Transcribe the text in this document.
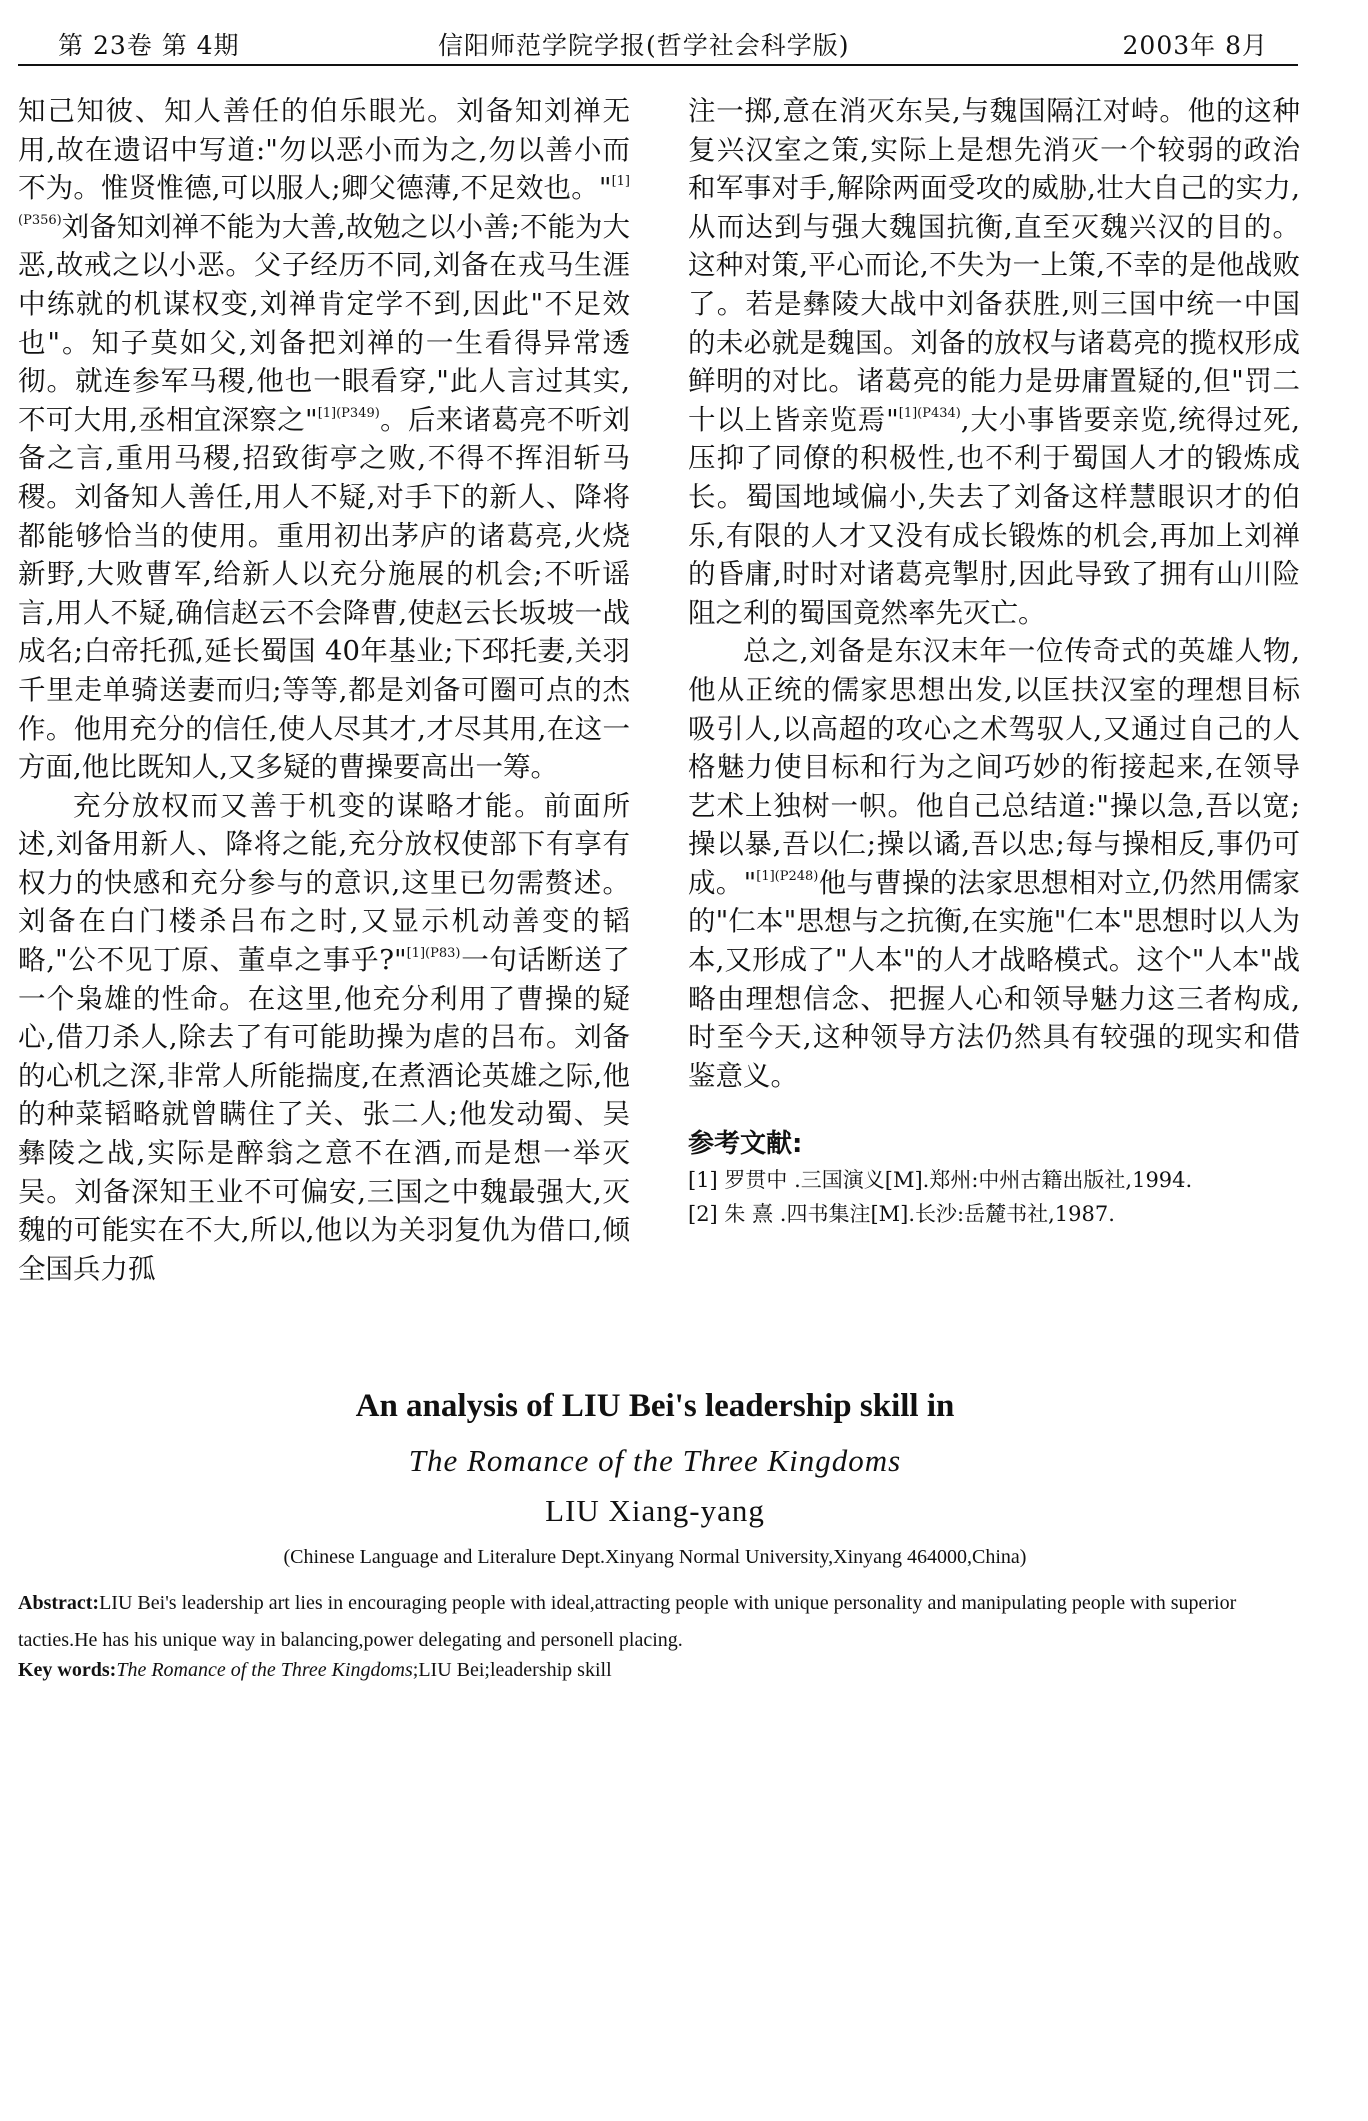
第 23卷 第 4期	信阳师范学院学报(哲学社会科学版)	2003年 8月

知己知彼、知人善任的伯乐眼光。刘备知刘禅无用,故在遗诏中写道:"勿以恶小而为之,勿以善小而不为。惟贤惟德,可以服人;卿父德薄,不足效也。"$^{[1](P356)}$刘备知刘禅不能为大善,故勉之以小善;不能为大恶,故戒之以小恶。父子经历不同,刘备在戎马生涯中练就的机谋权变,刘禅肯定学不到,因此"不足效也"。知子莫如父,刘备把刘禅的一生看得异常透彻。就连参军马稷,他也一眼看穿,"此人言过其实,不可大用,丞相宜深察之"$^{[1](P349)}$。后来诸葛亮不听刘备之言,重用马稷,招致街亭之败,不得不挥泪斩马稷。刘备知人善任,用人不疑,对手下的新人、降将都能够恰当的使用。重用初出茅庐的诸葛亮,火烧新野,大败曹军,给新人以充分施展的机会;不听谣言,用人不疑,确信赵云不会降曹,使赵云长坂坡一战成名;白帝托孤,延长蜀国 40年基业;下邳托妻,关羽千里走单骑送妻而归;等等,都是刘备可圈可点的杰作。他用充分的信任,使人尽其才,才尽其用,在这一方面,他比既知人,又多疑的曹操要高出一筹。

充分放权而又善于机变的谋略才能。前面所述,刘备用新人、降将之能,充分放权使部下有享有权力的快感和充分参与的意识,这里已勿需赘述。刘备在白门楼杀吕布之时,又显示机动善变的韬略,"公不见丁原、董卓之事乎?"$^{[1](P83)}$一句话断送了一个枭雄的性命。在这里,他充分利用了曹操的疑心,借刀杀人,除去了有可能助操为虐的吕布。刘备的心机之深,非常人所能揣度,在煮酒论英雄之际,他的种菜韬略就曾瞒住了关、张二人;他发动蜀、吴彝陵之战,实际是醉翁之意不在酒,而是想一举灭吴。刘备深知王业不可偏安,三国之中魏最强大,灭魏的可能实在不大,所以,他以为关羽复仇为借口,倾全国兵力孤

注一掷,意在消灭东吴,与魏国隔江对峙。他的这种复兴汉室之策,实际上是想先消灭一个较弱的政治和军事对手,解除两面受攻的威胁,壮大自己的实力,从而达到与强大魏国抗衡,直至灭魏兴汉的目的。这种对策,平心而论,不失为一上策,不幸的是他战败了。若是彝陵大战中刘备获胜,则三国中统一中国的未必就是魏国。刘备的放权与诸葛亮的揽权形成鲜明的对比。诸葛亮的能力是毋庸置疑的,但"罚二十以上皆亲览焉"$^{[1](P434)}$,大小事皆要亲览,统得过死,压抑了同僚的积极性,也不利于蜀国人才的锻炼成长。蜀国地域偏小,失去了刘备这样慧眼识才的伯乐,有限的人才又没有成长锻炼的机会,再加上刘禅的昏庸,时时对诸葛亮掣肘,因此导致了拥有山川险阻之利的蜀国竟然率先灭亡。

总之,刘备是东汉末年一位传奇式的英雄人物,他从正统的儒家思想出发,以匡扶汉室的理想目标吸引人,以高超的攻心之术驾驭人,又通过自己的人格魅力使目标和行为之间巧妙的衔接起来,在领导艺术上独树一帜。他自己总结道:"操以急,吾以宽;操以暴,吾以仁;操以谲,吾以忠;每与操相反,事仍可成。"$^{[1](P248)}$他与曹操的法家思想相对立,仍然用儒家的"仁本"思想与之抗衡,在实施"仁本"思想时以人为本,又形成了"人本"的人才战略模式。这个"人本"战略由理想信念、把握人心和领导魅力这三者构成,时至今天,这种领导方法仍然具有较强的现实和借鉴意义。

参考文献:
[1] 罗贯中 .三国演义[M].郑州:中州古籍出版社,1994.
[2] 朱 熹 .四书集注[M].长沙:岳麓书社,1987.
An analysis of LIU Bei's leadership skill in
The Romance of the Three Kingdoms
LIU Xiang-yang
(Chinese Language and Literalure Dept.Xinyang Normal University,Xinyang 464000,China)
Abstract:LIU Bei's leadership art lies in encouraging people with ideal,attracting people with unique personality and manipulating people with superior tacties.He has his unique way in balancing,power delegating and personell placing.
Key words:The Romance of the Three Kingdoms;LIU Bei;leadership skill
